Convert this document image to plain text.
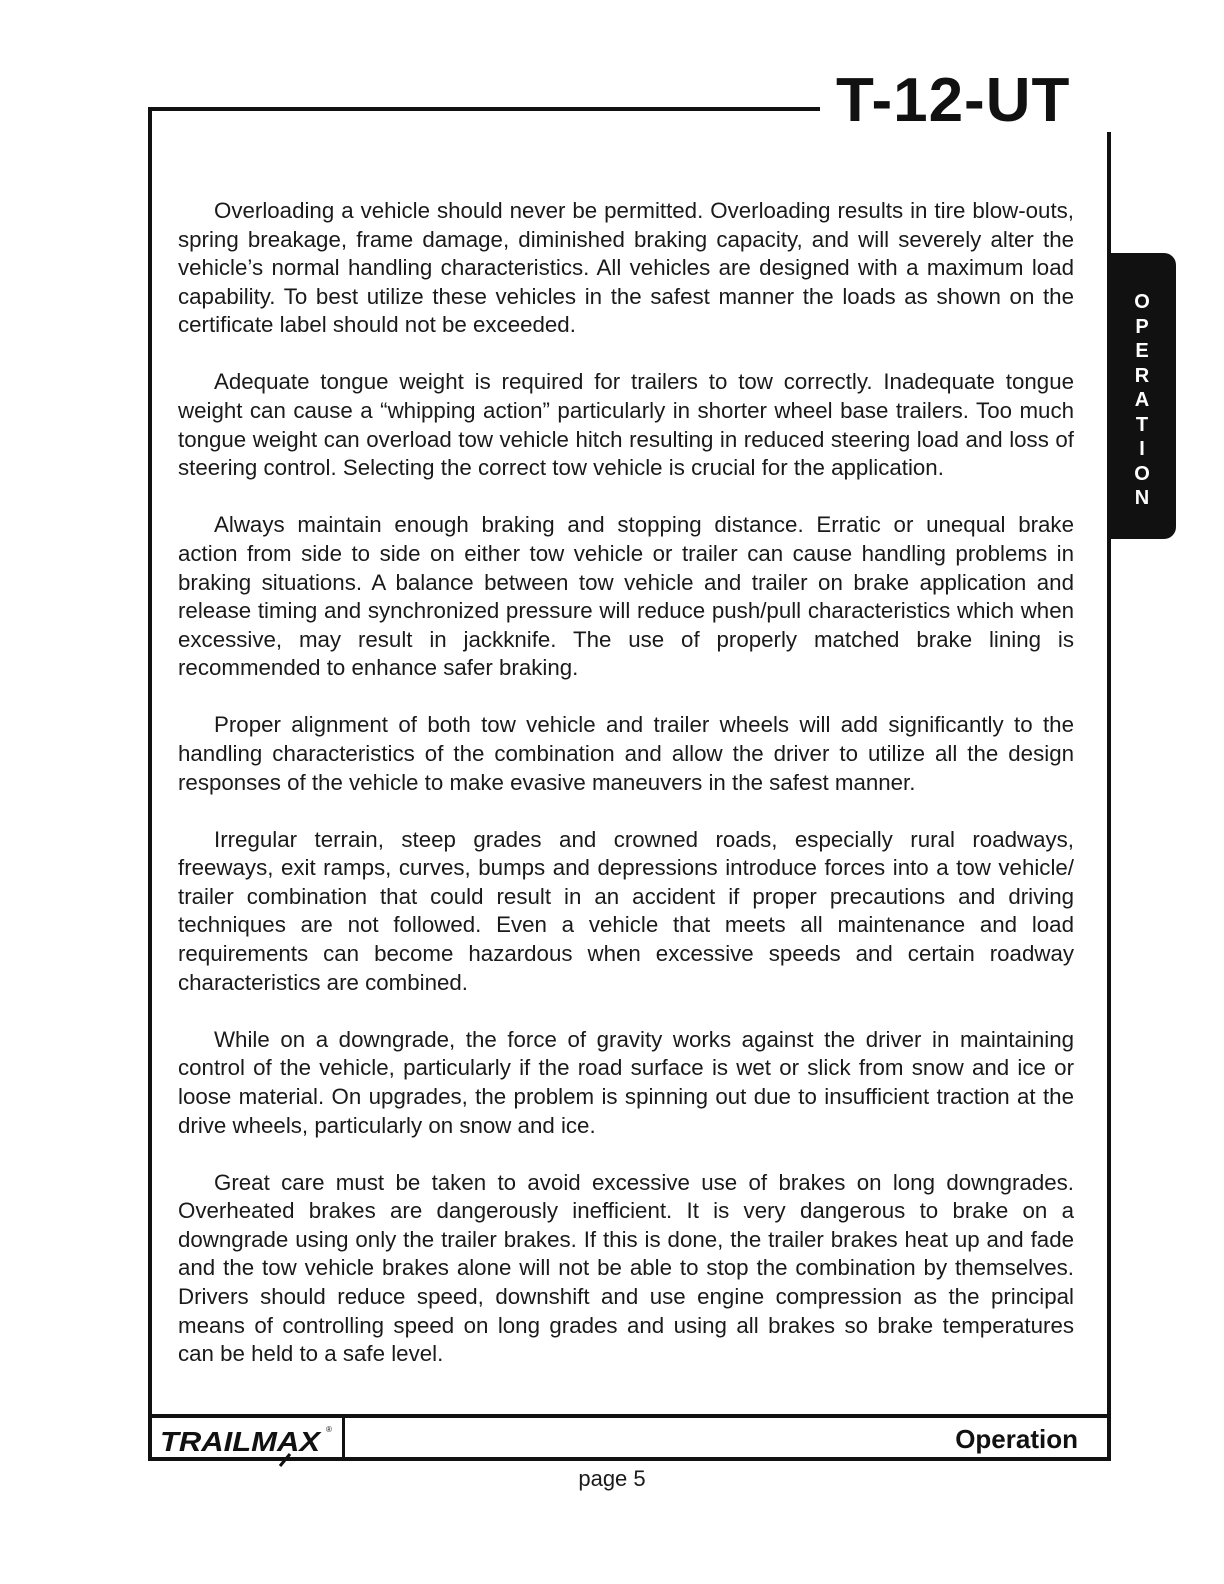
T-12-UT
O
P
E
R
A
T
I
O
N

Overloading a vehicle should never be permitted. Overloading results in tire blow-outs, spring breakage, frame damage, diminished braking capacity, and will severely alter the vehicle’s normal handling characteristics. All vehicles are designed with a maximum load capability. To best utilize these vehicles in the safest manner the loads as shown on the certificate label should not be exceeded.

Adequate tongue weight is required for trailers to tow correctly. Inadequate tongue weight can cause a “whipping action” particularly in shorter wheel base trailers. Too much tongue weight can overload tow vehicle hitch resulting in reduced steering load and loss of steering control. Selecting the correct tow vehicle is crucial for the application.

Always maintain enough braking and stopping distance. Erratic or unequal brake action from side to side on either tow vehicle or trailer can cause handling problems in braking situations. A balance between tow vehicle and trailer on brake application and release timing and synchronized pressure will reduce push/pull characteristics which when excessive, may result in jackknife. The use of properly matched brake lining is recommended to enhance safer braking.

Proper alignment of both tow vehicle and trailer wheels will add significantly to the handling characteristics of the combination and allow the driver to utilize all the design responses of the vehicle to make evasive maneuvers in the safest manner.

Irregular terrain, steep grades and crowned roads, especially rural roadways, freeways, exit ramps, curves, bumps and depressions introduce forces into a tow vehicle/ trailer combination that could result in an accident if proper precautions and driving techniques are not followed. Even a vehicle that meets all maintenance and load requirements can become hazardous when excessive speeds and certain roadway characteristics are combined.

While on a downgrade, the force of gravity works against the driver in maintaining control of the vehicle, particularly if the road surface is wet or slick from snow and ice or loose material. On upgrades, the problem is spinning out due to insufficient traction at the drive wheels, particularly on snow and ice.

Great care must be taken to avoid excessive use of brakes on long downgrades. Overheated brakes are dangerously inefficient. It is very dangerous to brake on a downgrade using only the trailer brakes. If this is done, the trailer brakes heat up and fade and the tow vehicle brakes alone will not be able to stop the combination by themselves. Drivers should reduce speed, downshift and use engine compression as the principal means of controlling speed on long grades and using all brakes so brake temperatures can be held to a safe level.

TRAILMAX ®	Operation
page 5
